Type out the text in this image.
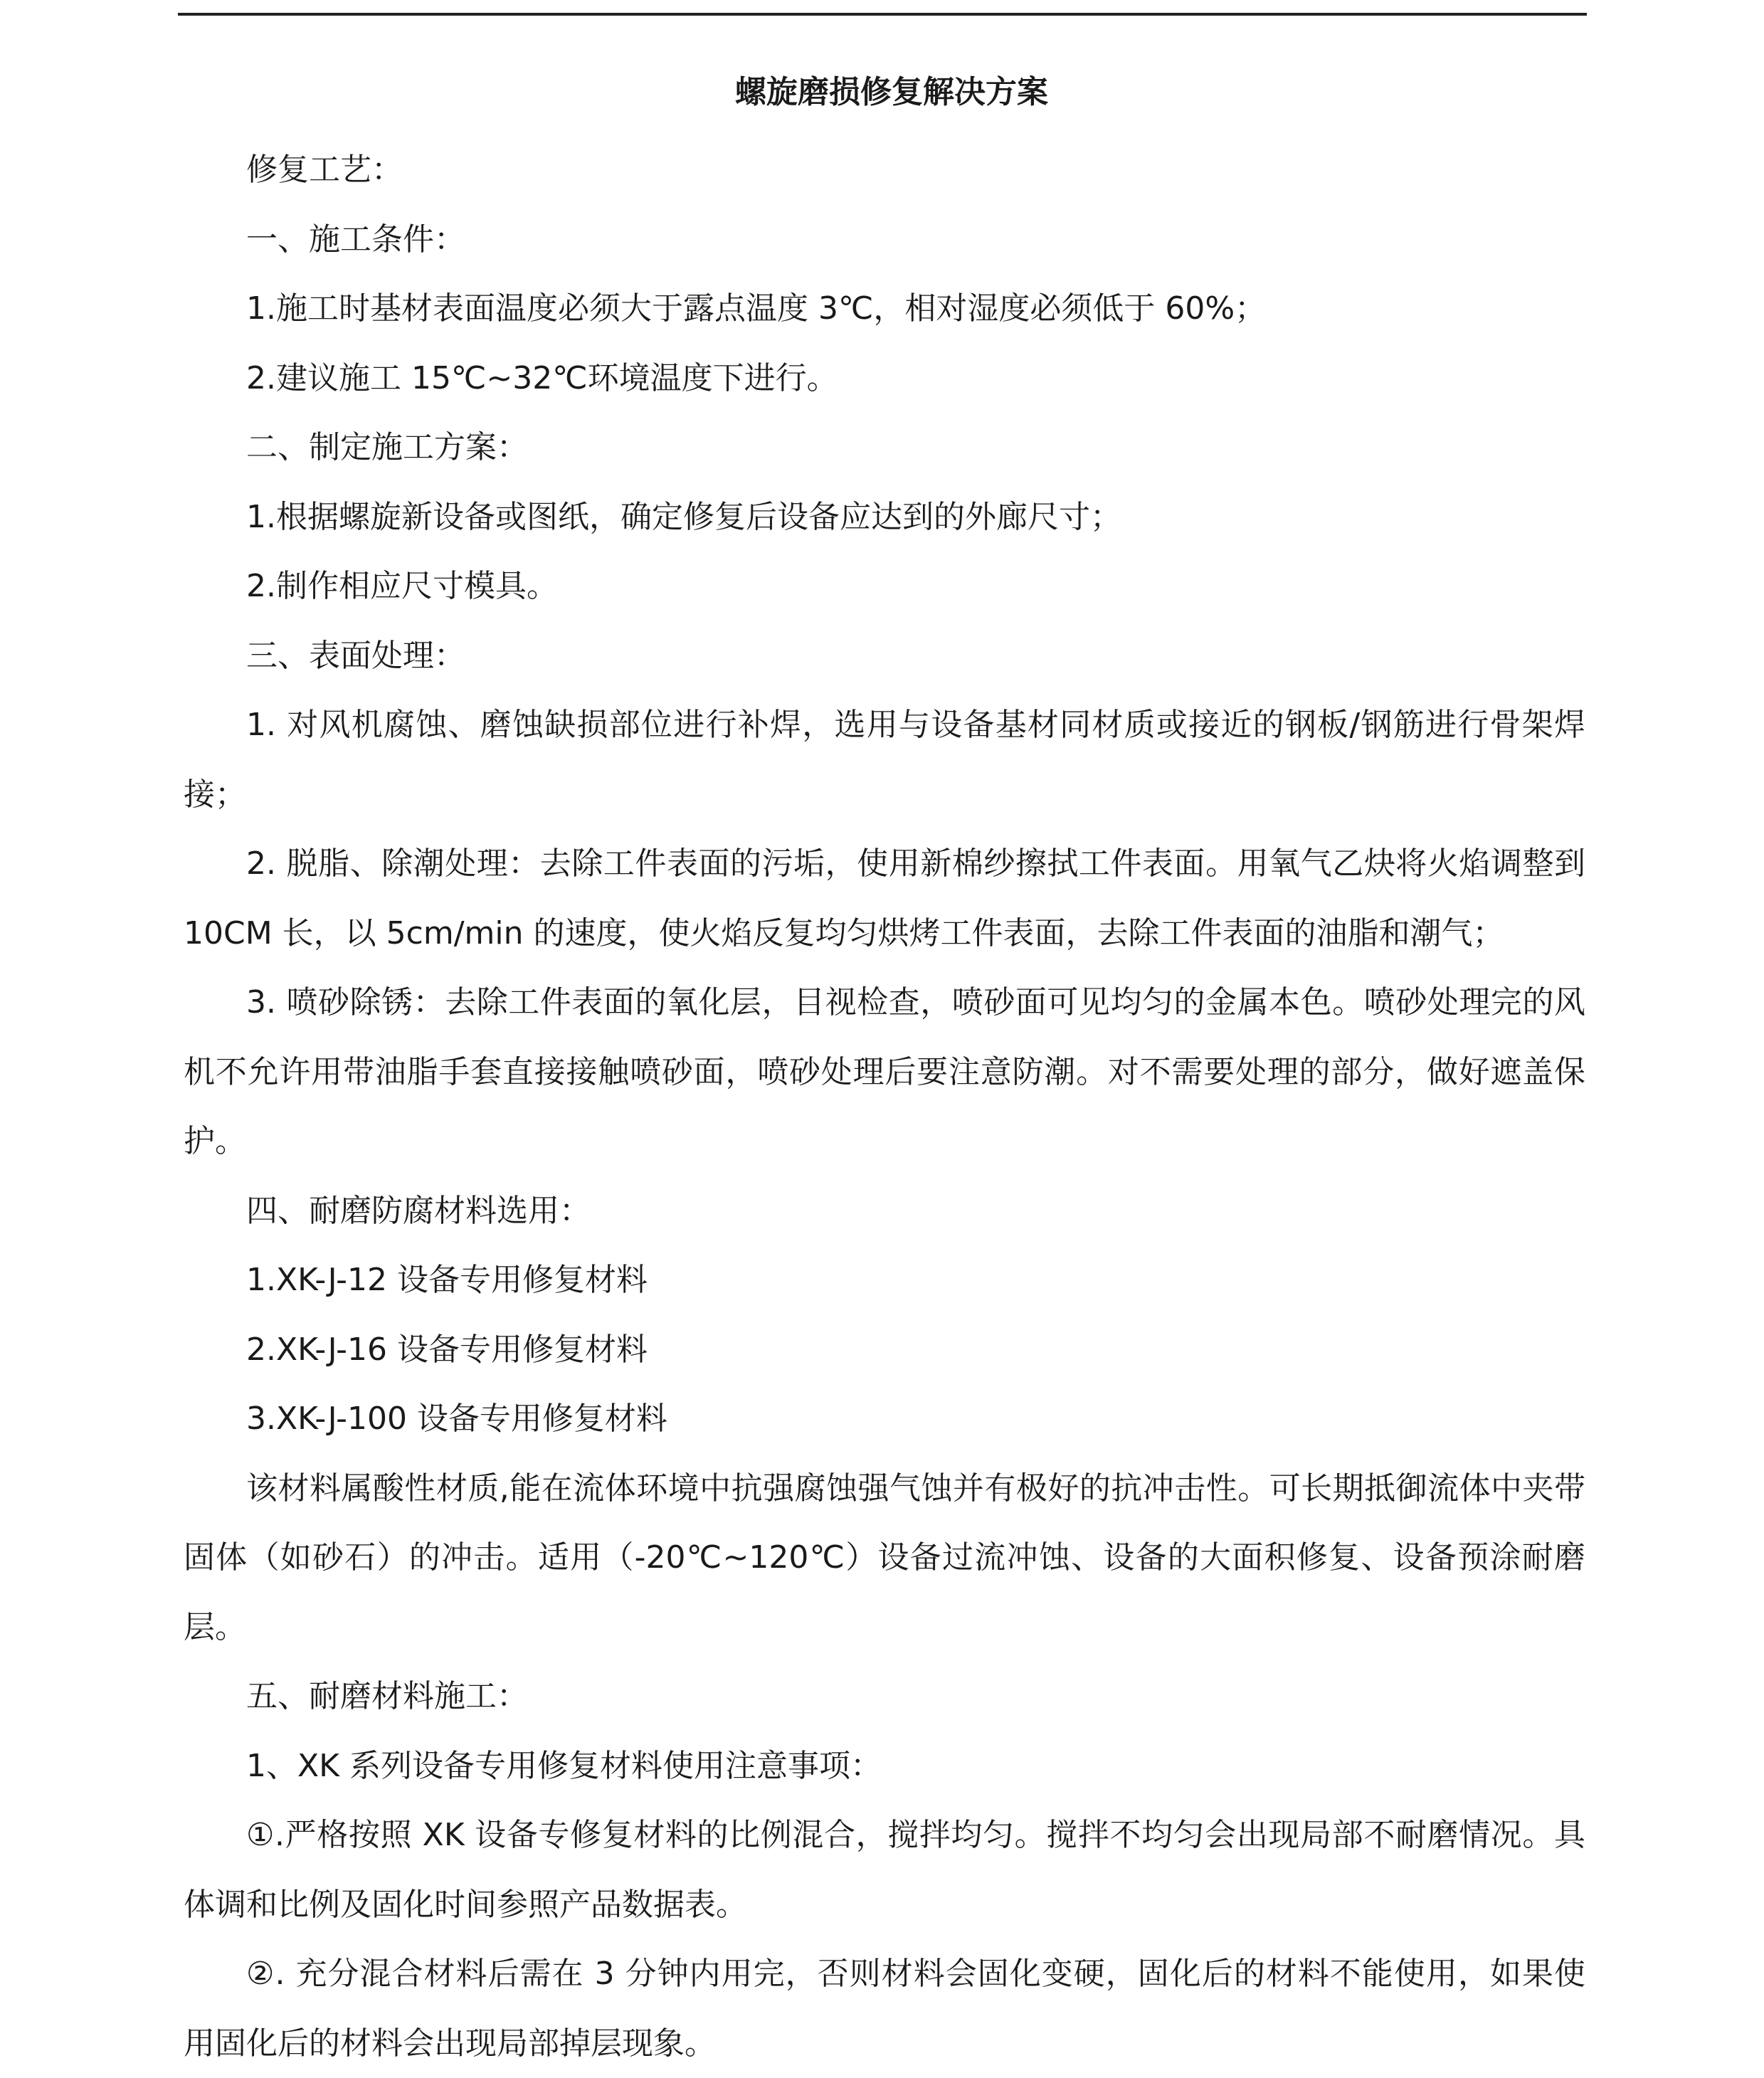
螺旋磨损修复解决方案

修复工艺：

一、施工条件：

1.施工时基材表面温度必须大于露点温度 3℃，相对湿度必须低于 60%；

2.建议施工 15℃~32℃环境温度下进行。

二、制定施工方案：

1.根据螺旋新设备或图纸，确定修复后设备应达到的外廊尺寸；

2.制作相应尺寸模具。

三、表面处理：

1. 对风机腐蚀、磨蚀缺损部位进行补焊，选用与设备基材同材质或接近的钢板/钢筋进行骨架焊接；

2. 脱脂、除潮处理：去除工件表面的污垢，使用新棉纱擦拭工件表面。用氧气乙炔将火焰调整到 10CM 长，以 5cm/min 的速度，使火焰反复均匀烘烤工件表面，去除工件表面的油脂和潮气；

3. 喷砂除锈：去除工件表面的氧化层，目视检查，喷砂面可见均匀的金属本色。喷砂处理完的风机不允许用带油脂手套直接接触喷砂面，喷砂处理后要注意防潮。对不需要处理的部分，做好遮盖保护。

四、耐磨防腐材料选用：

1.XK-J-12 设备专用修复材料

2.XK-J-16 设备专用修复材料

3.XK-J-100 设备专用修复材料

该材料属酸性材质,能在流体环境中抗强腐蚀强气蚀并有极好的抗冲击性。可长期抵御流体中夹带固体（如砂石）的冲击。适用（-20℃~120℃）设备过流冲蚀、设备的大面积修复、设备预涂耐磨层。

五、耐磨材料施工：

1、XK 系列设备专用修复材料使用注意事项：

①.严格按照 XK 设备专修复材料的比例混合，搅拌均匀。搅拌不均匀会出现局部不耐磨情况。具体调和比例及固化时间参照产品数据表。

②. 充分混合材料后需在 3 分钟内用完，否则材料会固化变硬，固化后的材料不能使用，如果使用固化后的材料会出现局部掉层现象。
